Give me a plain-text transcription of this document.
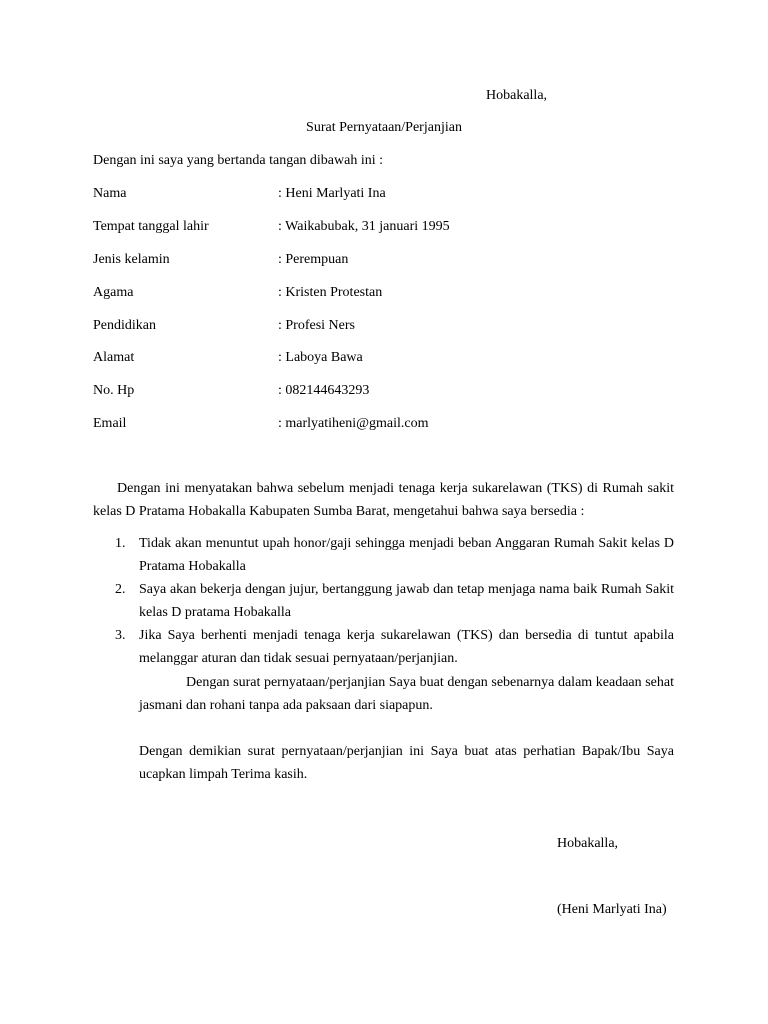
Hobakalla,
Surat Pernyataan/Perjanjian
Dengan ini saya yang bertanda tangan dibawah ini :
Nama	: Heni Marlyati Ina
Tempat tanggal lahir	: Waikabubak, 31 januari 1995
Jenis kelamin	: Perempuan
Agama	: Kristen Protestan
Pendidikan	: Profesi Ners
Alamat	: Laboya Bawa
No. Hp	: 082144643293
Email	: marlyatiheni@gmail.com
Dengan ini menyatakan bahwa sebelum menjadi tenaga kerja sukarelawan (TKS) di Rumah sakit kelas D Pratama Hobakalla Kabupaten Sumba Barat, mengetahui bahwa saya bersedia :
1. Tidak akan menuntut upah honor/gaji sehingga menjadi beban Anggaran Rumah Sakit kelas D Pratama Hobakalla
2. Saya akan bekerja dengan jujur, bertanggung jawab dan tetap menjaga nama baik Rumah Sakit kelas D pratama Hobakalla
3. Jika Saya berhenti menjadi tenaga kerja sukarelawan (TKS) dan bersedia di tuntut apabila melanggar aturan dan tidak sesuai pernyataan/perjanjian.
Dengan surat pernyataan/perjanjian Saya buat dengan sebenarnya dalam keadaan sehat jasmani dan rohani tanpa ada paksaan dari siapapun.
Dengan demikian surat pernyataan/perjanjian ini Saya buat atas perhatian Bapak/Ibu Saya ucapkan limpah Terima kasih.
Hobakalla,
(Heni Marlyati Ina)
